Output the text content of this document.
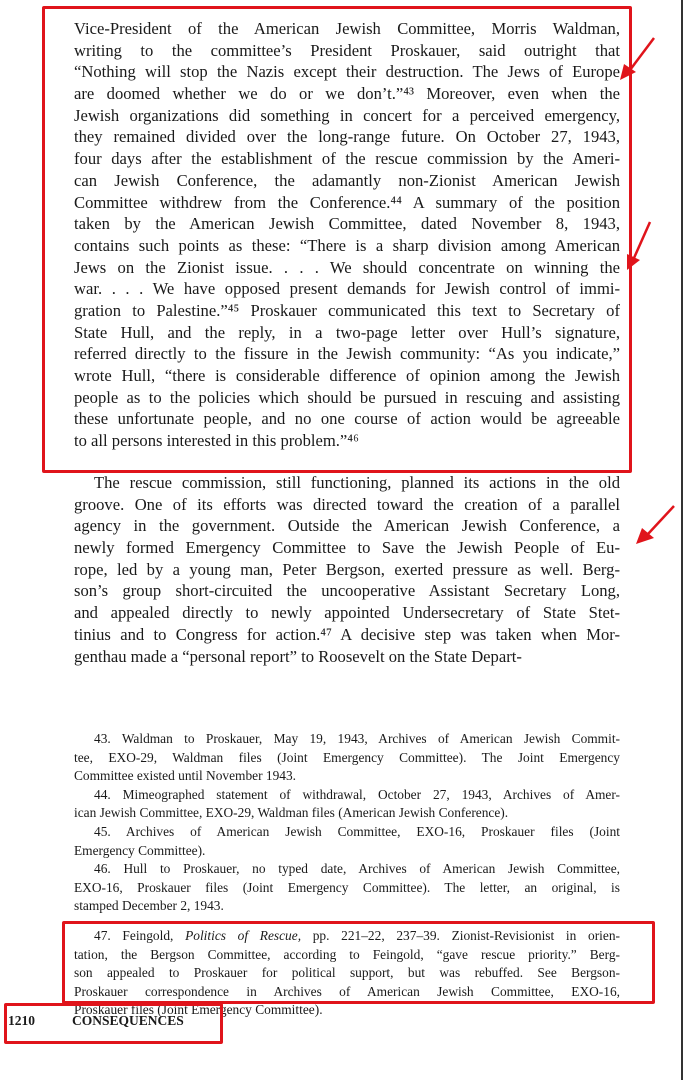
Vice-President of the American Jewish Committee, Morris Waldman,
writing to the committee’s President Proskauer, said outright that
“Nothing will stop the Nazis except their destruction. The Jews of Europe
are doomed whether we do or we don’t.”⁴³ Moreover, even when the
Jewish organizations did something in concert for a perceived emergency,
they remained divided over the long-range future. On October 27, 1943,
four days after the establishment of the rescue commission by the Ameri-
can Jewish Conference, the adamantly non-Zionist American Jewish
Committee withdrew from the Conference.⁴⁴ A summary of the position
taken by the American Jewish Committee, dated November 8, 1943,
contains such points as these: “There is a sharp division among American
Jews on the Zionist issue. . . . We should concentrate on winning the
war. . . . We have opposed present demands for Jewish control of immi-
gration to Palestine.”⁴⁵ Proskauer communicated this text to Secretary of
State Hull, and the reply, in a two-page letter over Hull’s signature,
referred directly to the fissure in the Jewish community: “As you indicate,”
wrote Hull, “there is considerable difference of opinion among the Jewish
people as to the policies which should be pursued in rescuing and assisting
these unfortunate people, and no one course of action would be agreeable
to all persons interested in this problem.”⁴⁶
The rescue commission, still functioning, planned its actions in the old
groove. One of its efforts was directed toward the creation of a parallel
agency in the government. Outside the American Jewish Conference, a
newly formed Emergency Committee to Save the Jewish People of Eu-
rope, led by a young man, Peter Bergson, exerted pressure as well. Berg-
son’s group short-circuited the uncooperative Assistant Secretary Long,
and appealed directly to newly appointed Undersecretary of State Stet-
tinius and to Congress for action.⁴⁷ A decisive step was taken when Mor-
genthau made a “personal report” to Roosevelt on the State Depart-
43. Waldman to Proskauer, May 19, 1943, Archives of American Jewish Commit-
tee, EXO-29, Waldman files (Joint Emergency Committee). The Joint Emergency
Committee existed until November 1943.
44. Mimeographed statement of withdrawal, October 27, 1943, Archives of Amer-
ican Jewish Committee, EXO-29, Waldman files (American Jewish Conference).
45. Archives of American Jewish Committee, EXO-16, Proskauer files (Joint
Emergency Committee).
46. Hull to Proskauer, no typed date, Archives of American Jewish Committee,
EXO-16, Proskauer files (Joint Emergency Committee). The letter, an original, is
stamped December 2, 1943.
47. Feingold, Politics of Rescue, pp. 221–22, 237–39. Zionist-Revisionist in orien-
tation, the Bergson Committee, according to Feingold, “gave rescue priority.” Berg-
son appealed to Proskauer for political support, but was rebuffed. See Bergson-
Proskauer correspondence in Archives of American Jewish Committee, EXO-16,
Proskauer files (Joint Emergency Committee).
1210	CONSEQUENCES
